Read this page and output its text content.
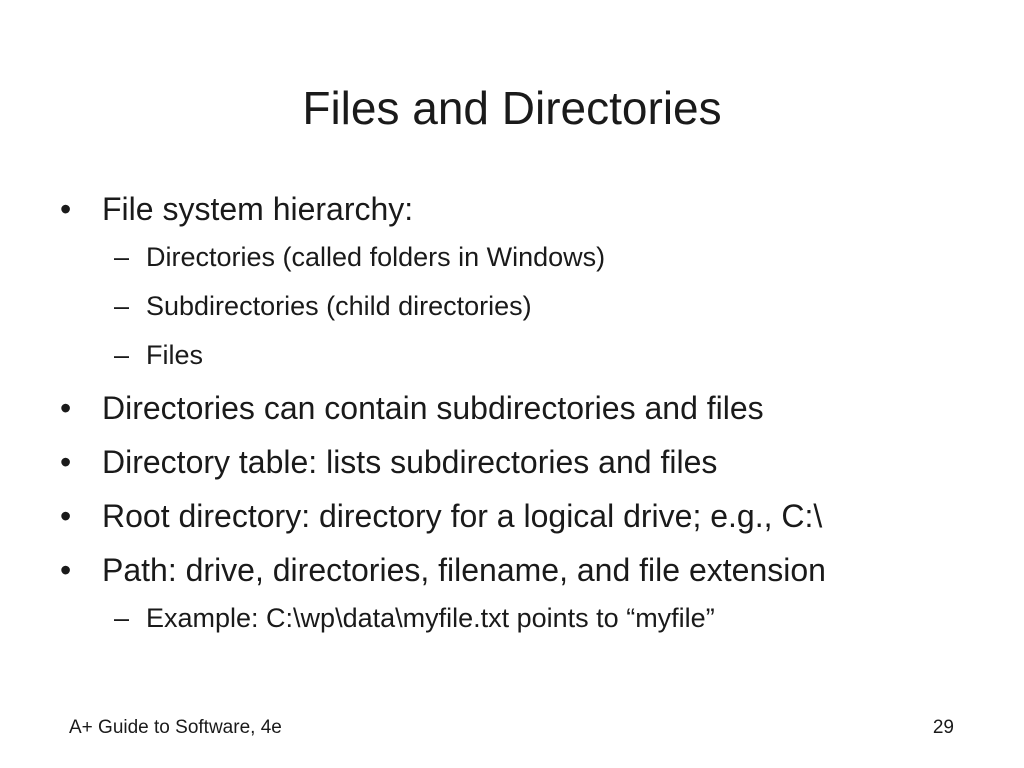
Files and Directories
• File system hierarchy:
– Directories (called folders in Windows)
– Subdirectories (child directories)
– Files
• Directories can contain subdirectories and files
• Directory table: lists subdirectories and files
• Root directory: directory for a logical drive; e.g., C:\
• Path: drive, directories, filename, and file extension
– Example: C:\wp\data\myfile.txt points to “myfile”
A+ Guide to Software, 4e	29
